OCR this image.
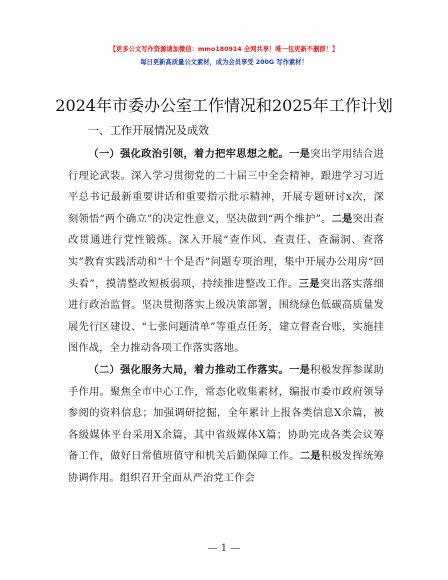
【更多公文写作资源请加微信：mmo180914 全网共享！唯一包更新不删群！】
每日更新高质量公文素材，成为会员享受 200G 写作素材！
2024年市委办公室工作情况和2025年工作计划
一、工作开展情况及成效

（一）强化政治引领，着力把牢思想之舵。一是突出学用结合进行理论武装。深入学习贯彻党的二十届三中全会精神，跟进学习习近平总书记最新重要讲话和重要指示批示精神，开展专题研讨x次，深刻领悟“两个确立”的决定性意义，坚决做到“两个维护”。二是突出查改贯通进行党性锻炼。深入开展“查作风、查责任、查漏洞、查落实”教育实践活动和“十个是否”问题专项治理，集中开展办公用房“回头看”，摸清整改短板弱项，持续推进整改工作。三是突出落实落细进行政治监督。坚决贯彻落实上级决策部署，围绕绿色低碳高质量发展先行区建设、“七张问题清单”等重点任务，建立督查台账，实施挂图作战，全力推动各项工作落实落地。

（二）强化服务大局，着力推动工作落实。一是积极发挥参谋助手作用。聚焦全市中心工作，常态化收集素材，编报市委市政府领导参阅的资料信息；加强调研挖掘，全年累计上报各类信息X余篇，被各级媒体平台采用X余篇，其中省级媒体X篇；协助完成各类会议筹备工作，做好日常值班值守和机关后勤保障工作。二是积极发挥统筹协调作用。组织召开全面从严治党工作会

— 1 —
